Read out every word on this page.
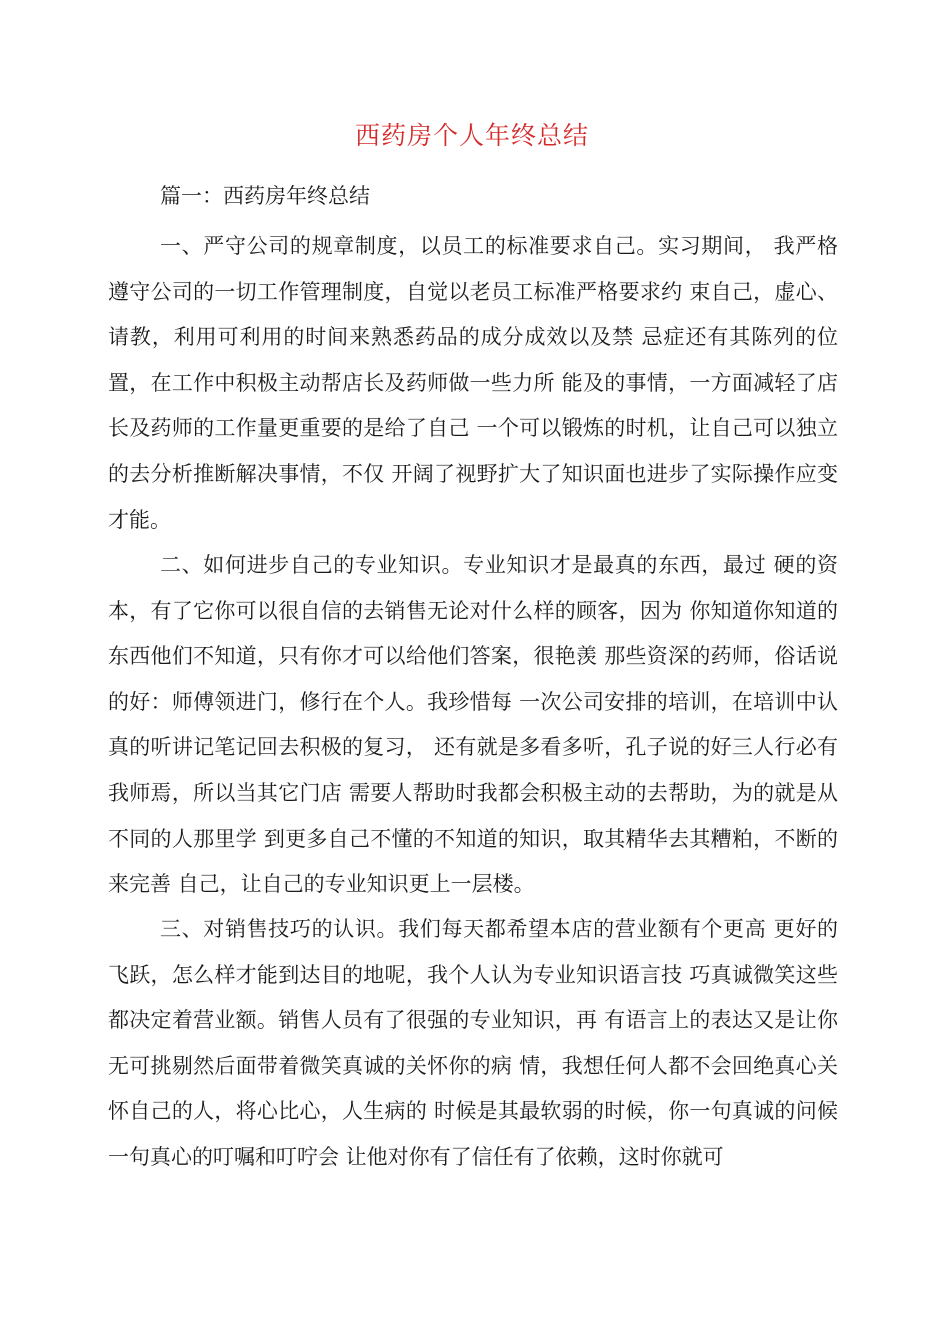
西药房个人年终总结
篇一：西药房年终总结

一、严守公司的规章制度，以员工的标准要求自己。实习期间， 我严格遵守公司的一切工作管理制度，自觉以老员工标准严格要求约 束自己，虚心、请教，利用可利用的时间来熟悉药品的成分成效以及禁 忌症还有其陈列的位置，在工作中积极主动帮店长及药师做一些力所 能及的事情，一方面减轻了店长及药师的工作量更重要的是给了自己 一个可以锻炼的时机，让自己可以独立的去分析推断解决事情，不仅 开阔了视野扩大了知识面也进步了实际操作应变才能。

二、如何进步自己的专业知识。专业知识才是最真的东西，最过 硬的资本，有了它你可以很自信的去销售无论对什么样的顾客，因为 你知道你知道的东西他们不知道，只有你才可以给他们答案，很艳羡 那些资深的药师，俗话说的好：师傅领进门，修行在个人。我珍惜每 一次公司安排的培训，在培训中认真的听讲记笔记回去积极的复习， 还有就是多看多听，孔子说的好三人行必有我师焉，所以当其它门店 需要人帮助时我都会积极主动的去帮助，为的就是从不同的人那里学 到更多自己不懂的不知道的知识，取其精华去其糟粕，不断的来完善 自己，让自己的专业知识更上一层楼。

三、对销售技巧的认识。我们每天都希望本店的营业额有个更高 更好的飞跃，怎么样才能到达目的地呢，我个人认为专业知识语言技 巧真诚微笑这些都决定着营业额。销售人员有了很强的专业知识，再 有语言上的表达又是让你无可挑剔然后面带着微笑真诚的关怀你的病 情，我想任何人都不会回绝真心关怀自己的人，将心比心，人生病的 时候是其最软弱的时候，你一句真诚的问候一句真心的叮嘱和叮咛会 让他对你有了信任有了依赖，这时你就可
